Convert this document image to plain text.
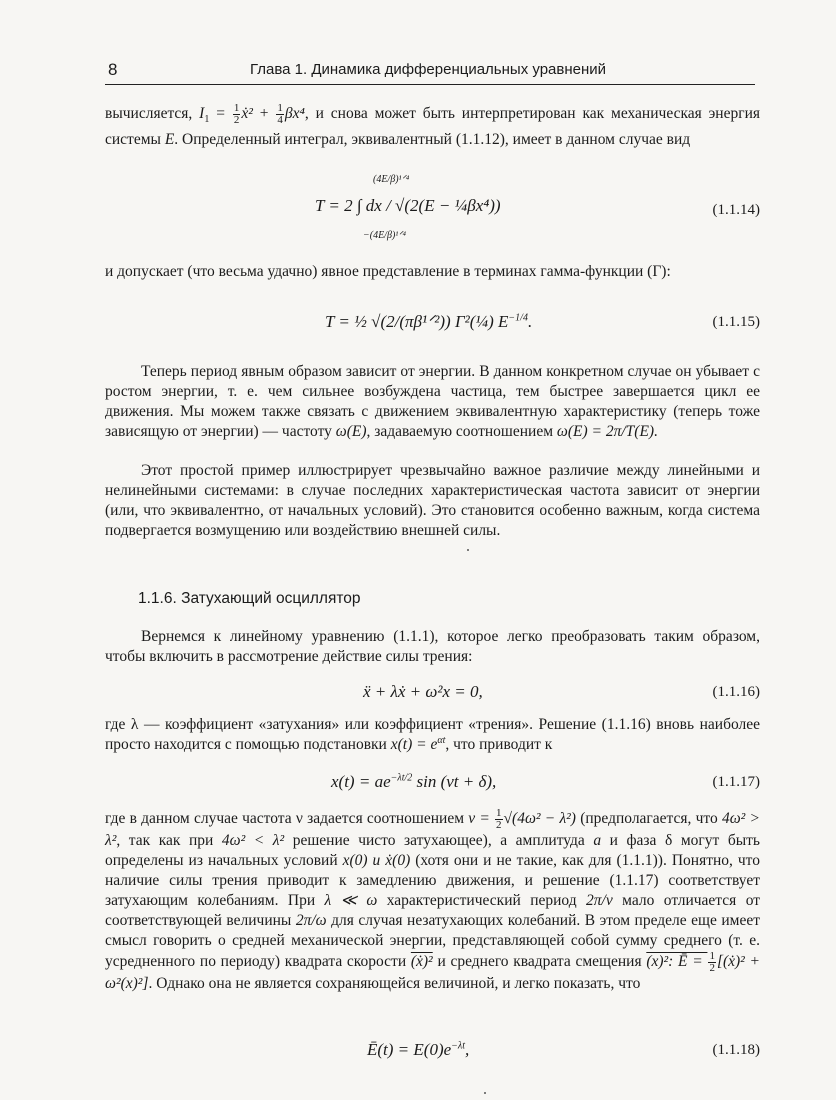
8	Глава 1. Динамика дифференциальных уравнений

вычисляется, $I_1 = \frac{1}{2}$ ẋ² + $\frac{1}{4} \beta x^4$, и снова может быть интерпретирован как механическая энергия системы E. Определенный интеграл, эквивалентный (1.1.12), имеет в данном случае вид

(4E/β)¹ᐟ⁴
T = 2 ∫ dx / √(2(E − ¼βx⁴))
−(4E/β)¹ᐟ⁴
(1.1.14)

и допускает (что весьма удачно) явное представление в терминах гамма-функции (Γ):

T = ½ √(2/(πβ¹ᐟ²)) Γ²(¼) $E^{-1/4}$.	(1.1.15)

Теперь период явным образом зависит от энергии. В данном конкретном случае он убывает с ростом энергии, т. е. чем сильнее возбуждена частица, тем быстрее завершается цикл ее движения. Мы можем также связать с движением эквивалентную характеристику (теперь тоже зависящую от энергии) — частоту ω(E), задаваемую соотношением ω(E) = 2π/T(E).

Этот простой пример иллюстрирует чрезвычайно важное различие между линейными и нелинейными системами: в случае последних характеристическая частота зависит от энергии (или, что эквивалентно, от начальных условий). Это становится особенно важным, когда система подвергается возмущению или воздействию внешней силы.

1.1.6. Затухающий осциллятор

Вернемся к линейному уравнению (1.1.1), которое легко преобразовать таким образом, чтобы включить в рассмотрение действие силы трения:

ẍ + λẋ + ω²x = 0,	(1.1.16)

где λ — коэффициент «затухания» или коэффициент «трения». Решение (1.1.16) вновь наиболее просто находится с помощью подстановки $x(t) = e^{\alpha t}$, что приводит к

$x(t) = ae^{-\lambda t/2}$ sin (νt + δ),	(1.1.17)

где в данном случае частота ν задается соотношением $\nu = \frac{1}{2} √(4\omega^2 - \lambda^2)$ (предполагается, что 4ω² > λ², так как при 4ω² < λ² решение чисто затухающее), а амплитуда a и фаза δ могут быть определены из начальных условий x(0) и ẋ(0) (хотя они и не такие, как для (1.1.1)). Понятно, что наличие силы трения приводит к замедлению движения, и решение (1.1.17) соответствует затухающим колебаниям. При λ ≪ ω характеристический период 2π/ν мало отличается от соответствующей величины 2π/ω для случая незатухающих колебаний. В этом пределе еще имеет смысл говорить о средней механической энергии, представляющей собой сумму среднего (т. е. усредненного по периоду) квадрата скорости (ẋ)² и среднего квадрата смещения (x)²: Ē = $\frac{1}{2}$ [(ẋ)² + ω²(x)²]. Однако она не является сохраняющейся величиной, и легко показать, что

Ē(t) = $E(0)e^{-\lambda t}$,	(1.1.18)
